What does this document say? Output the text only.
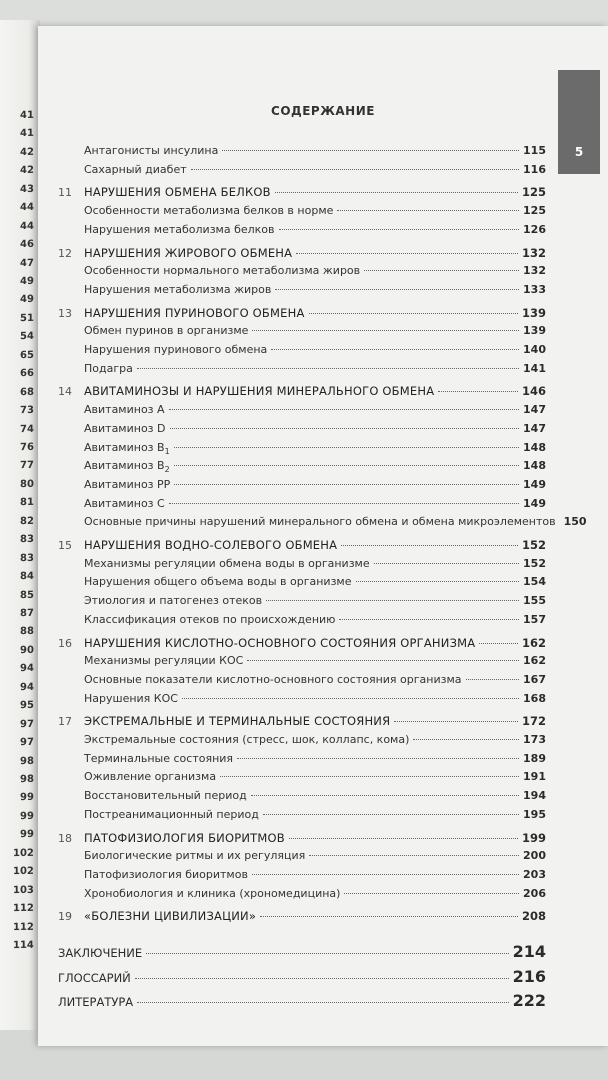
41
41
42
42
43
44
44
46
47
49
49
51
54
65
66
68
73
74
76
77
80
81
82
83
83
84
85
87
88
90
94
94
95
97
97
98
98
99
99
99
102
102
103
112
112
114
5
СОДЕРЖАНИЕ
Антагонисты инсулина	115
Сахарный диабет	116
11	НАРУШЕНИЯ ОБМЕНА БЕЛКОВ	125
Особенности метаболизма белков в норме	125
Нарушения метаболизма белков	126
12	НАРУШЕНИЯ ЖИРОВОГО ОБМЕНА	132
Особенности нормального метаболизма жиров	132
Нарушения метаболизма жиров	133
13	НАРУШЕНИЯ ПУРИНОВОГО ОБМЕНА	139
Обмен пуринов в организме	139
Нарушения пуринового обмена	140
Подагра	141
14	АВИТАМИНОЗЫ И НАРУШЕНИЯ МИНЕРАЛЬНОГО ОБМЕНА	146
Авитаминоз А	147
Авитаминоз D	147
Авитаминоз $B_1$	148
Авитаминоз $B_2$	148
Авитаминоз PP	149
Авитаминоз C	149
Основные причины нарушений минерального обмена и обмена микроэлементов 150
15	НАРУШЕНИЯ ВОДНО-СОЛЕВОГО ОБМЕНА	152
Механизмы регуляции обмена воды в организме	152
Нарушения общего объема воды в организме	154
Этиология и патогенез отеков	155
Классификация отеков по происхождению	157
16	НАРУШЕНИЯ КИСЛОТНО-ОСНОВНОГО СОСТОЯНИЯ ОРГАНИЗМА	162
Механизмы регуляции КОС	162
Основные показатели кислотно-основного состояния организма	167
Нарушения КОС	168
17	ЭКСТРЕМАЛЬНЫЕ И ТЕРМИНАЛЬНЫЕ СОСТОЯНИЯ	172
Экстремальные состояния (стресс, шок, коллапс, кома)	173
Терминальные состояния	189
Оживление организма	191
Восстановительный период	194
Постреанимационный период	195
18	ПАТОФИЗИОЛОГИЯ БИОРИТМОВ	199
Биологические ритмы и их регуляция	200
Патофизиология биоритмов	203
Хронобиология и клиника (хрономедицина)	206
19	«БОЛЕЗНИ ЦИВИЛИЗАЦИИ»	208
ЗАКЛЮЧЕНИЕ	214
ГЛОССАРИЙ	216
ЛИТЕРАТУРА	222
